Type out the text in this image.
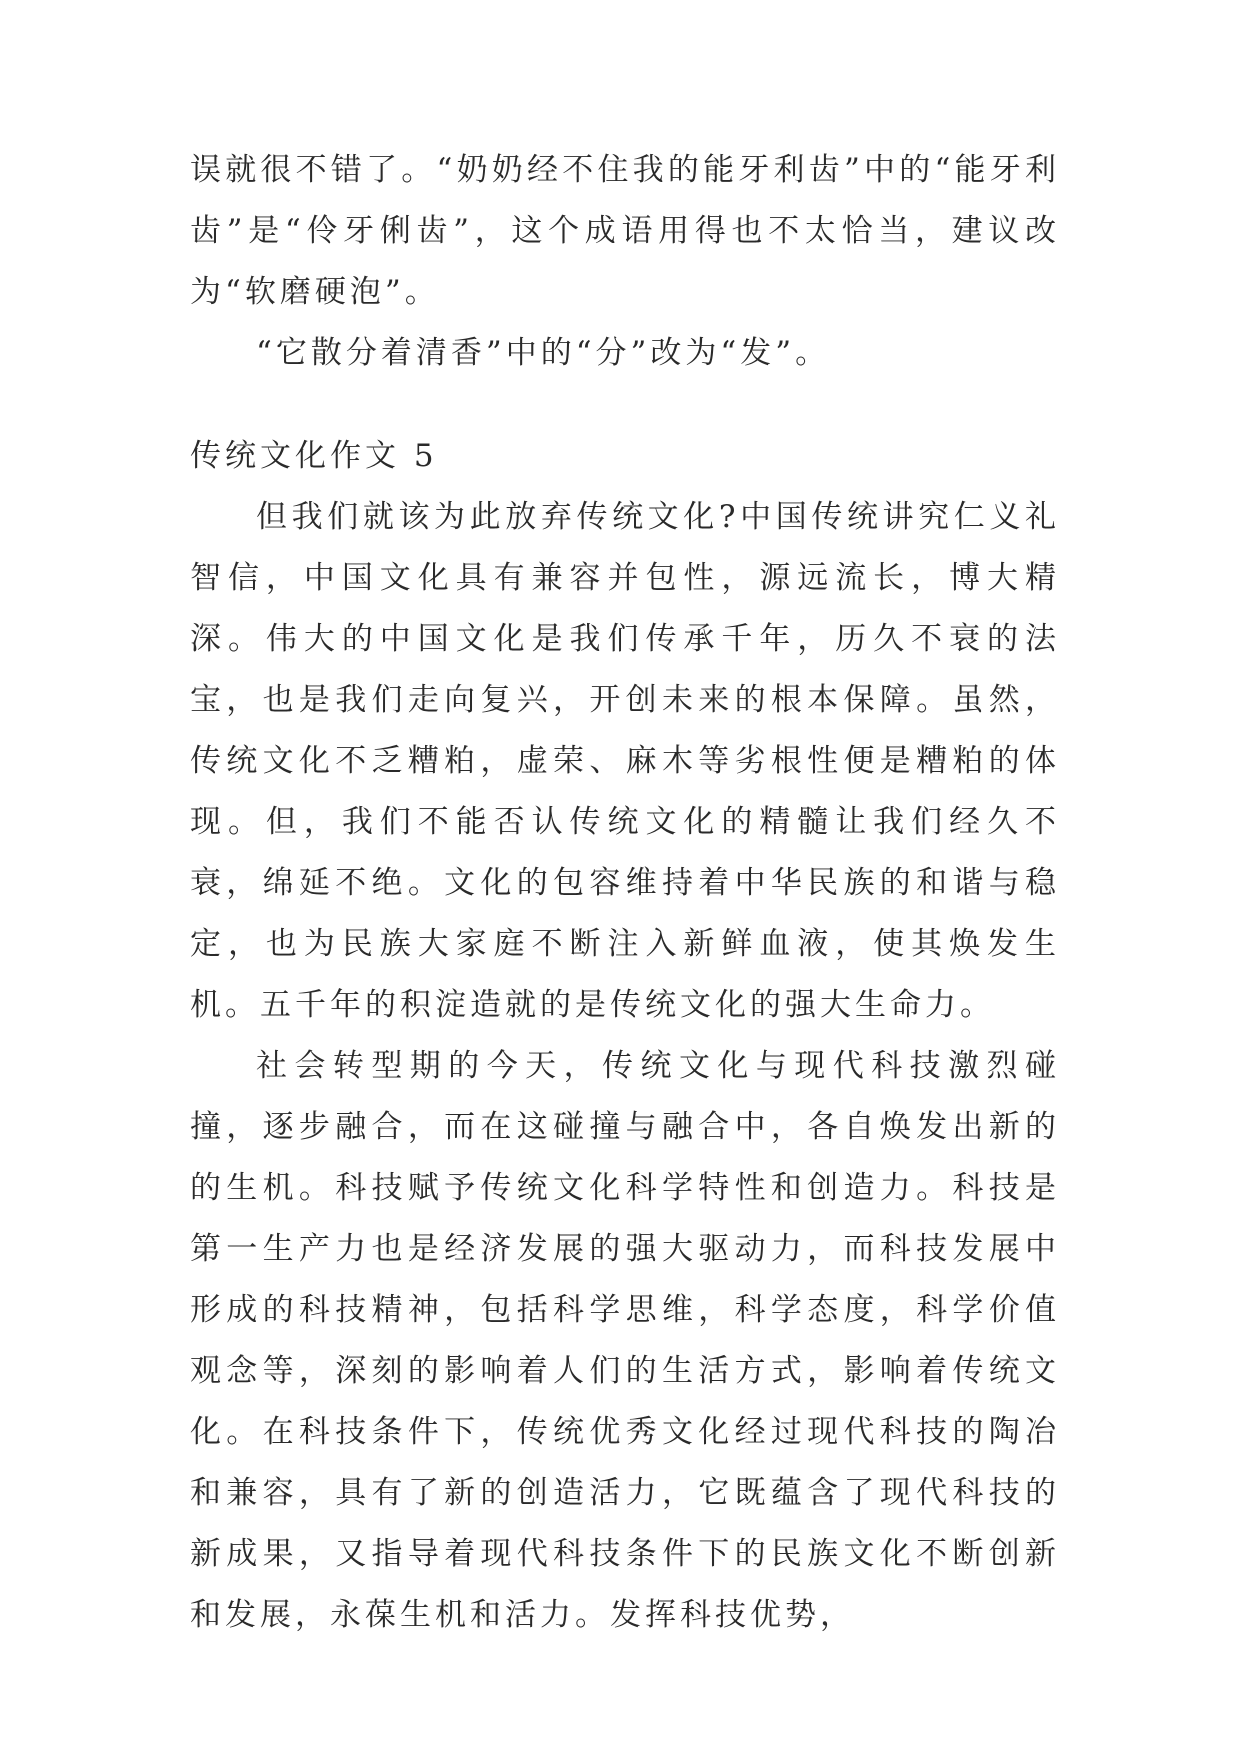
误就很不错了。“奶奶经不住我的能牙利齿”中的“能牙利齿”是“伶牙俐齿”，这个成语用得也不太恰当，建议改为“软磨硬泡”。

“它散分着清香”中的“分”改为“发”。

传统文化作文 5

但我们就该为此放弃传统文化?中国传统讲究仁义礼智信，中国文化具有兼容并包性，源远流长，博大精深。伟大的中国文化是我们传承千年，历久不衰的法宝，也是我们走向复兴，开创未来的根本保障。虽然，传统文化不乏糟粕，虚荣、麻木等劣根性便是糟粕的体现。但，我们不能否认传统文化的精髓让我们经久不衰，绵延不绝。文化的包容维持着中华民族的和谐与稳定，也为民族大家庭不断注入新鲜血液，使其焕发生机。五千年的积淀造就的是传统文化的强大生命力。

社会转型期的今天，传统文化与现代科技激烈碰撞，逐步融合，而在这碰撞与融合中，各自焕发出新的的生机。科技赋予传统文化科学特性和创造力。科技是第一生产力也是经济发展的强大驱动力，而科技发展中形成的科技精神，包括科学思维，科学态度，科学价值观念等，深刻的影响着人们的生活方式，影响着传统文化。在科技条件下，传统优秀文化经过现代科技的陶冶和兼容，具有了新的创造活力，它既蕴含了现代科技的新成果，又指导着现代科技条件下的民族文化不断创新和发展，永葆生机和活力。发挥科技优势，
